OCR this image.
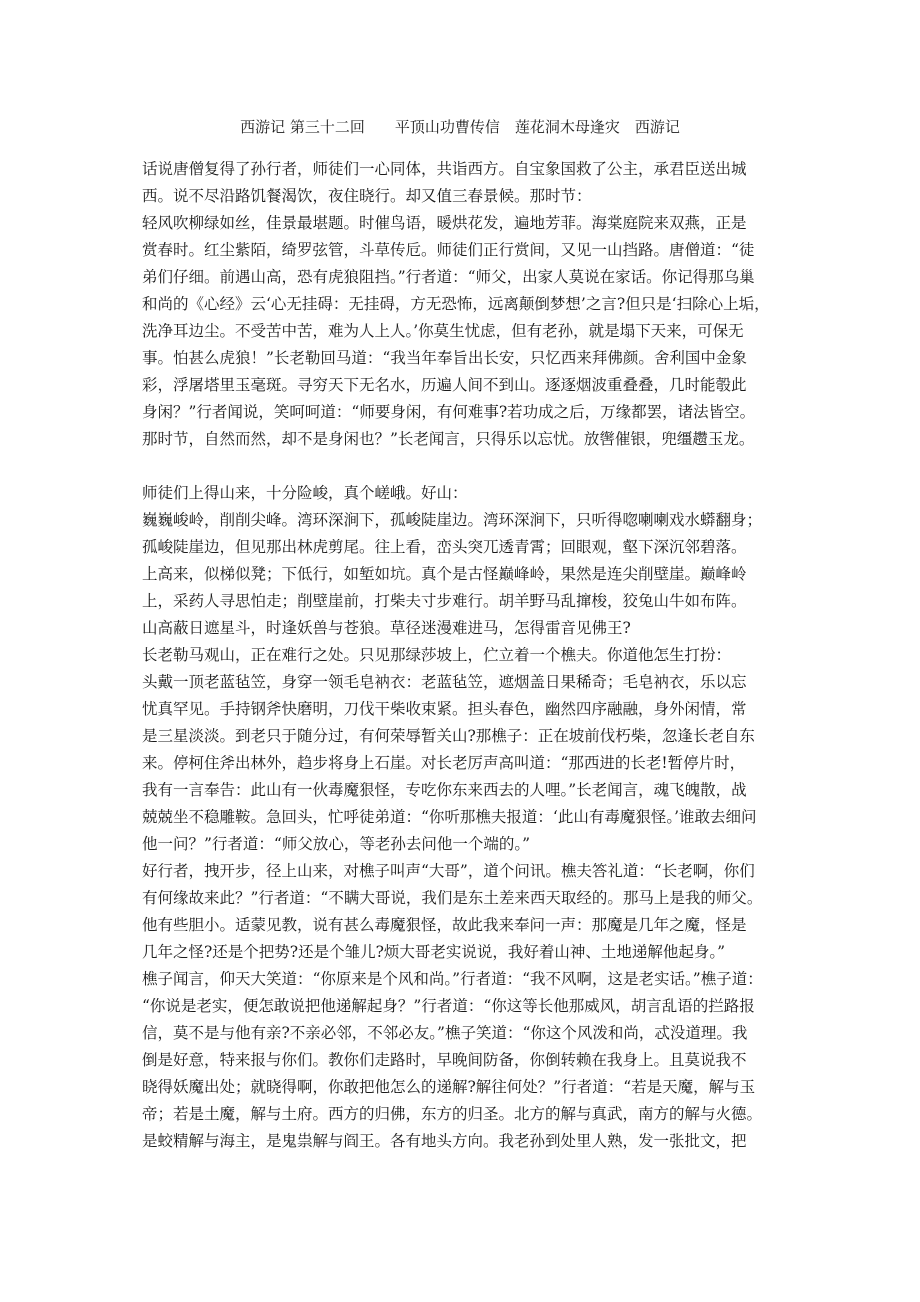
西游记 第三十二回　　平顶山功曹传信　莲花洞木母逢灾　西游记
话说唐僧复得了孙行者，师徒们一心同体，共诣西方。自宝象国救了公主，承君臣送出城
西。说不尽沿路饥餐渴饮，夜住晓行。却又值三春景候。那时节：
轻风吹柳绿如丝，佳景最堪题。时催鸟语，暖烘花发，遍地芳菲。海棠庭院来双燕，正是
赏春时。红尘紫陌，绮罗弦管，斗草传卮。师徒们正行赏间，又见一山挡路。唐僧道：“徒
弟们仔细。前遇山高，恐有虎狼阻挡。”行者道：“师父，出家人莫说在家话。你记得那乌巢
和尚的《心经》云‘心无挂碍：无挂碍，方无恐怖，远离颠倒梦想’之言?但只是‘扫除心上垢，
洗净耳边尘。不受苦中苦，难为人上人。’你莫生忧虑，但有老孙，就是塌下天来，可保无
事。怕甚么虎狼！”长老勒回马道：“我当年奉旨出长安，只忆西来拜佛颜。舍利国中金象
彩，浮屠塔里玉毫斑。寻穷天下无名水，历遍人间不到山。逐逐烟波重叠叠，几时能彀此
身闲？”行者闻说，笑呵呵道：“师要身闲，有何难事?若功成之后，万缘都罢，诸法皆空。
那时节，自然而然，却不是身闲也？”长老闻言，只得乐以忘忧。放辔催银，兜缰趱玉龙。
师徒们上得山来，十分险峻，真个嵯峨。好山：
巍巍峻岭，削削尖峰。湾环深涧下，孤峻陡崖边。湾环深涧下，只听得唿喇喇戏水蟒翻身；
孤峻陡崖边，但见那出林虎剪尾。往上看，峦头突兀透青霄；回眼观，壑下深沉邻碧落。
上高来，似梯似凳；下低行，如堑如坑。真个是古怪巅峰岭，果然是连尖削壁崖。巅峰岭
上，采药人寻思怕走；削壁崖前，打柴夫寸步难行。胡羊野马乱撺梭，狡兔山牛如布阵。
山高蔽日遮星斗，时逢妖兽与苍狼。草径迷漫难进马，怎得雷音见佛王?
长老勒马观山，正在难行之处。只见那绿莎坡上，伫立着一个樵夫。你道他怎生打扮：
头戴一顶老蓝毡笠，身穿一领毛皂衲衣：老蓝毡笠，遮烟盖日果稀奇；毛皂衲衣，乐以忘
忧真罕见。手持钢斧快磨明，刀伐干柴收束紧。担头春色，幽然四序融融，身外闲情，常
是三星淡淡。到老只于随分过，有何荣辱暂关山?那樵子：正在坡前伐朽柴，忽逢长老自东
来。停柯住斧出林外，趋步将身上石崖。对长老厉声高叫道：“那西进的长老!暂停片时，
我有一言奉告：此山有一伙毒魔狠怪，专吃你东来西去的人哩。”长老闻言，魂飞魄散，战
兢兢坐不稳雕鞍。急回头，忙呼徒弟道：“你听那樵夫报道：‘此山有毒魔狠怪。’谁敢去细问
他一问？”行者道：“师父放心，等老孙去问他一个端的。”
好行者，拽开步，径上山来，对樵子叫声“大哥”，道个问讯。樵夫答礼道：“长老啊，你们
有何缘故来此？”行者道：“不瞒大哥说，我们是东土差来西天取经的。那马上是我的师父。
他有些胆小。适蒙见教，说有甚么毒魔狠怪，故此我来奉问一声：那魔是几年之魔，怪是
几年之怪?还是个把势?还是个雏儿?烦大哥老实说说，我好着山神、土地递解他起身。”
樵子闻言，仰天大笑道：“你原来是个风和尚。”行者道：“我不风啊，这是老实话。”樵子道：
“你说是老实，便怎敢说把他递解起身？”行者道：“你这等长他那威风，胡言乱语的拦路报
信，莫不是与他有亲?不亲必邻，不邻必友。”樵子笑道：“你这个风泼和尚，忒没道理。我
倒是好意，特来报与你们。教你们走路时，早晚间防备，你倒转赖在我身上。且莫说我不
晓得妖魔出处；就晓得啊，你敢把他怎么的递解?解往何处？”行者道：“若是天魔，解与玉
帝；若是土魔，解与土府。西方的归佛，东方的归圣。北方的解与真武，南方的解与火德。
是蛟精解与海主，是鬼祟解与阎王。各有地头方向。我老孙到处里人熟，发一张批文，把
